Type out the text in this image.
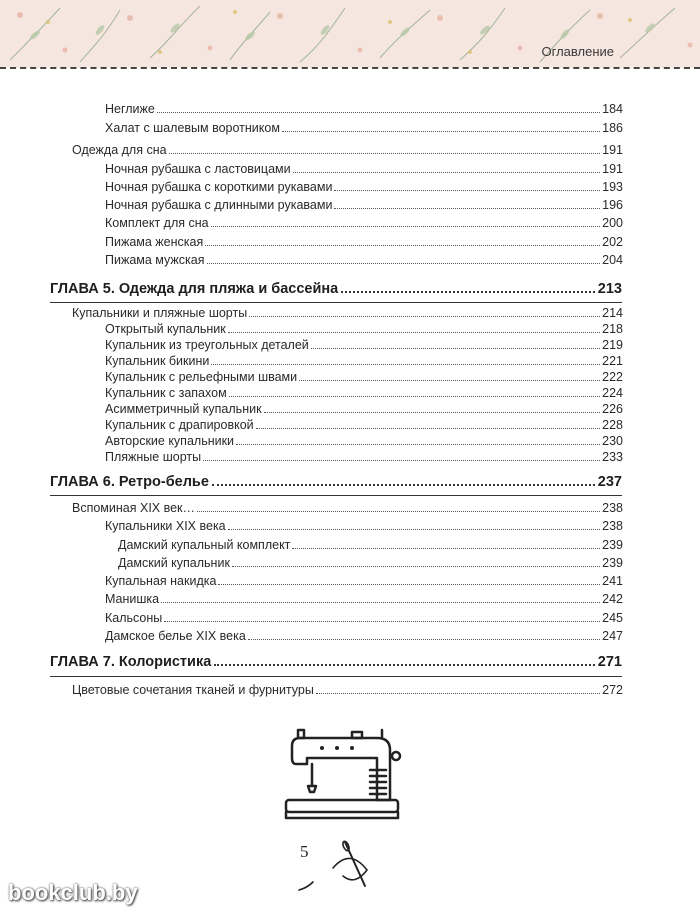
Оглавление
Неглиже	184
Халат с шалевым воротником	186
Одежда для сна	191
Ночная рубашка с ластовицами	191
Ночная рубашка с короткими рукавами	193
Ночная рубашка с длинными рукавами	196
Комплект для сна	200
Пижама женская	202
Пижама мужская	204
ГЛАВА 5. Одежда для пляжа и бассейна	213
Купальники и пляжные шорты	214
Открытый купальник	218
Купальник из треугольных деталей	219
Купальник бикини	221
Купальник с рельефными швами	222
Купальник с запахом	224
Асимметричный купальник	226
Купальник с драпировкой	228
Авторские купальники	230
Пляжные шорты	233
ГЛАВА 6. Ретро-белье	237
Вспоминая XIX век…	238
Купальники XIX века	238
Дамский купальный комплект	239
Дамский купальник	239
Купальная накидка	241
Манишка	242
Кальсоны	245
Дамское белье XIX века	247
ГЛАВА 7. Колористика	271
Цветовые сочетания тканей и фурнитуры	272
5
bookclub.by
